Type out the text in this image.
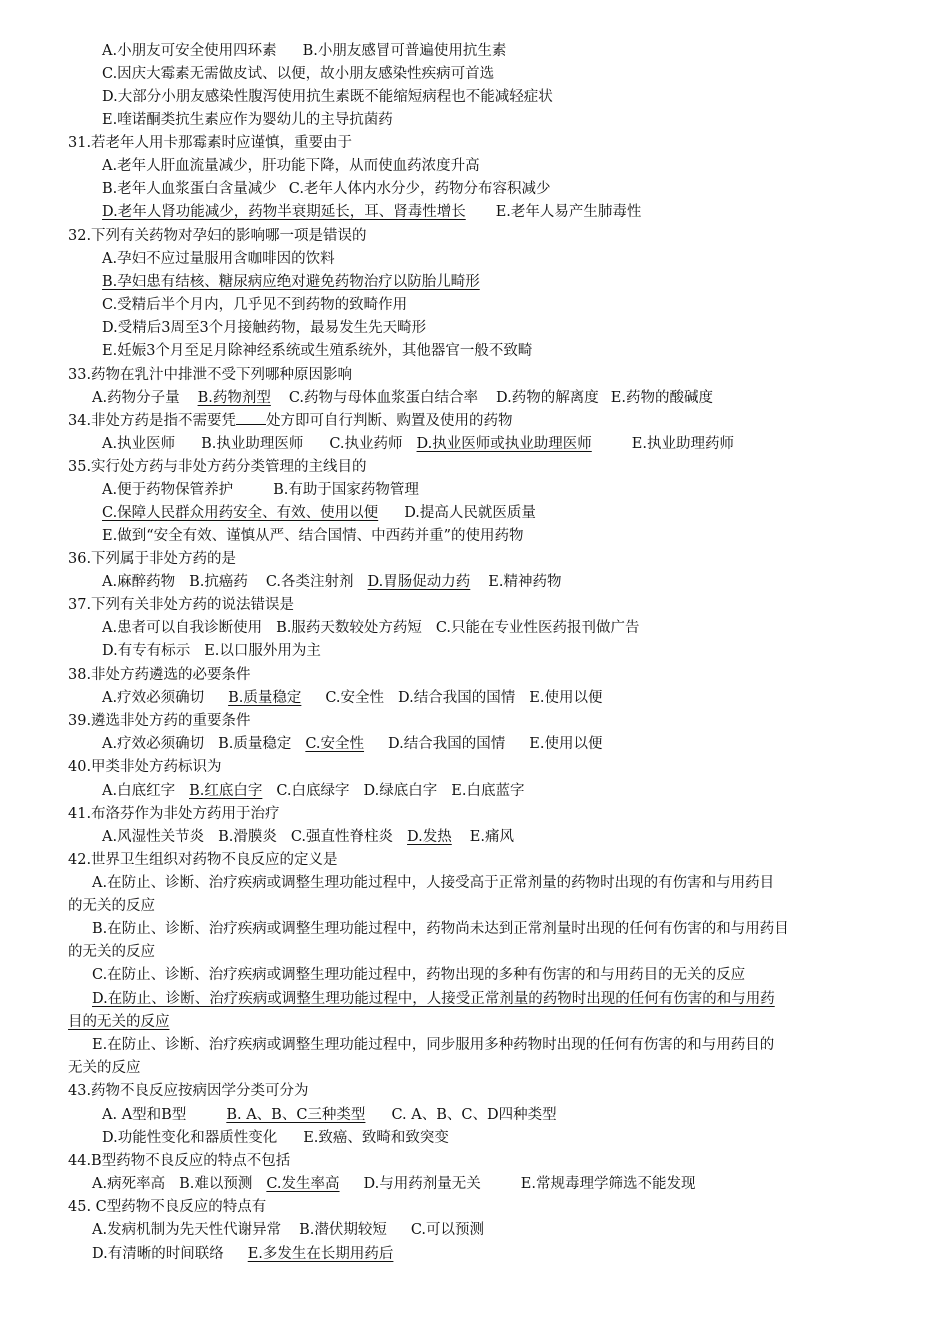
A.小朋友可安全使用四环素 B.小朋友感冒可普遍使用抗生素
C.因庆大霉素无需做皮试、以便，故小朋友感染性疾病可首选
D.大部分小朋友感染性腹泻使用抗生素既不能缩短病程也不能减轻症状
E.喹诺酮类抗生素应作为婴幼儿的主导抗菌药
31.若老年人用卡那霉素时应谨慎，重要由于
A.老年人肝血流量减少，肝功能下降，从而使血药浓度升高
B.老年人血浆蛋白含量减少 C.老年人体内水分少，药物分布容积减少
D.老年人肾功能减少，药物半衰期延长，耳、肾毒性增长 E.老年人易产生肺毒性
32.下列有关药物对孕妇的影响哪一项是错误的
A.孕妇不应过量服用含咖啡因的饮料
B.孕妇患有结核、糖尿病应绝对避免药物治疗以防胎儿畸形
C.受精后半个月内，几乎见不到药物的致畸作用
D.受精后3周至3个月接触药物，最易发生先天畸形
E.妊娠3个月至足月除神经系统或生殖系统外，其他器官一般不致畸
33.药物在乳汁中排泄不受下列哪种原因影响
A.药物分子量 B.药物剂型 C.药物与母体血浆蛋白结合率 D.药物的解离度 E.药物的酸碱度
34.非处方药是指不需要凭 处方即可自行判断、购置及使用的药物
A.执业医师 B.执业助理医师 C.执业药师 D.执业医师或执业助理医师	E.执业助理药师
35.实行处方药与非处方药分类管理的主线目的
A.便于药物保管养护	B.有助于国家药物管理
C.保障人民群众用药安全、有效、使用以便D.提高人民就医质量
E.做到“安全有效、谨慎从严、结合国情、中西药并重”的使用药物
36.下列属于非处方药的是
A.麻醉药物 B.抗癌药 C.各类注射剂 D.胃肠促动力药 E.精神药物
37.下列有关非处方药的说法错误是
A.患者可以自我诊断使用 B.服药天数较处方药短 C.只能在专业性医药报刊做广告
D.有专有标示 E.以口服外用为主
38.非处方药遴选的必要条件
A.疗效必须确切 B.质量稳定 C.安全性 D.结合我国的国情 E.使用以便
39.遴选非处方药的重要条件
A.疗效必须确切 B.质量稳定 C.安全性 D.结合我国的国情 E.使用以便
40.甲类非处方药标识为
A.白底红字 B.红底白字 C.白底绿字 D.绿底白字 E.白底蓝字
41.布洛芬作为非处方药用于治疗
A.风湿性关节炎 B.滑膜炎 C.强直性脊柱炎 D.发热 E.痛风
42.世界卫生组织对药物不良反应的定义是
A.在防止、诊断、治疗疾病或调整生理功能过程中，人接受高于正常剂量的药物时出现的有伤害和与用药目
的无关的反应
B.在防止、诊断、治疗疾病或调整生理功能过程中，药物尚未达到正常剂量时出现的任何有伤害的和与用药目
的无关的反应
C.在防止、诊断、治疗疾病或调整生理功能过程中，药物出现的多种有伤害的和与用药目的无关的反应
D.在防止、诊断、治疗疾病或调整生理功能过程中，人接受正常剂量的药物时出现的任何有伤害的和与用药
目的无关的反应
E.在防止、诊断、治疗疾病或调整生理功能过程中，同步服用多种药物时出现的任何有伤害的和与用药目的
无关的反应
43.药物不良反应按病因学分类可分为
A. A型和B型	B. A、B、C三种类型 C. A、B、C、D四种类型
D.功能性变化和器质性变化 E.致癌、致畸和致突变
44.B型药物不良反应的特点不包括
A.病死率高 B.难以预测 C.发生率高 D.与用药剂量无关	E.常规毒理学筛选不能发现
45. C型药物不良反应的特点有
A.发病机制为先天性代谢异常 B.潜伏期较短 C.可以预测
D.有清晰的时间联络 E.多发生在长期用药后
